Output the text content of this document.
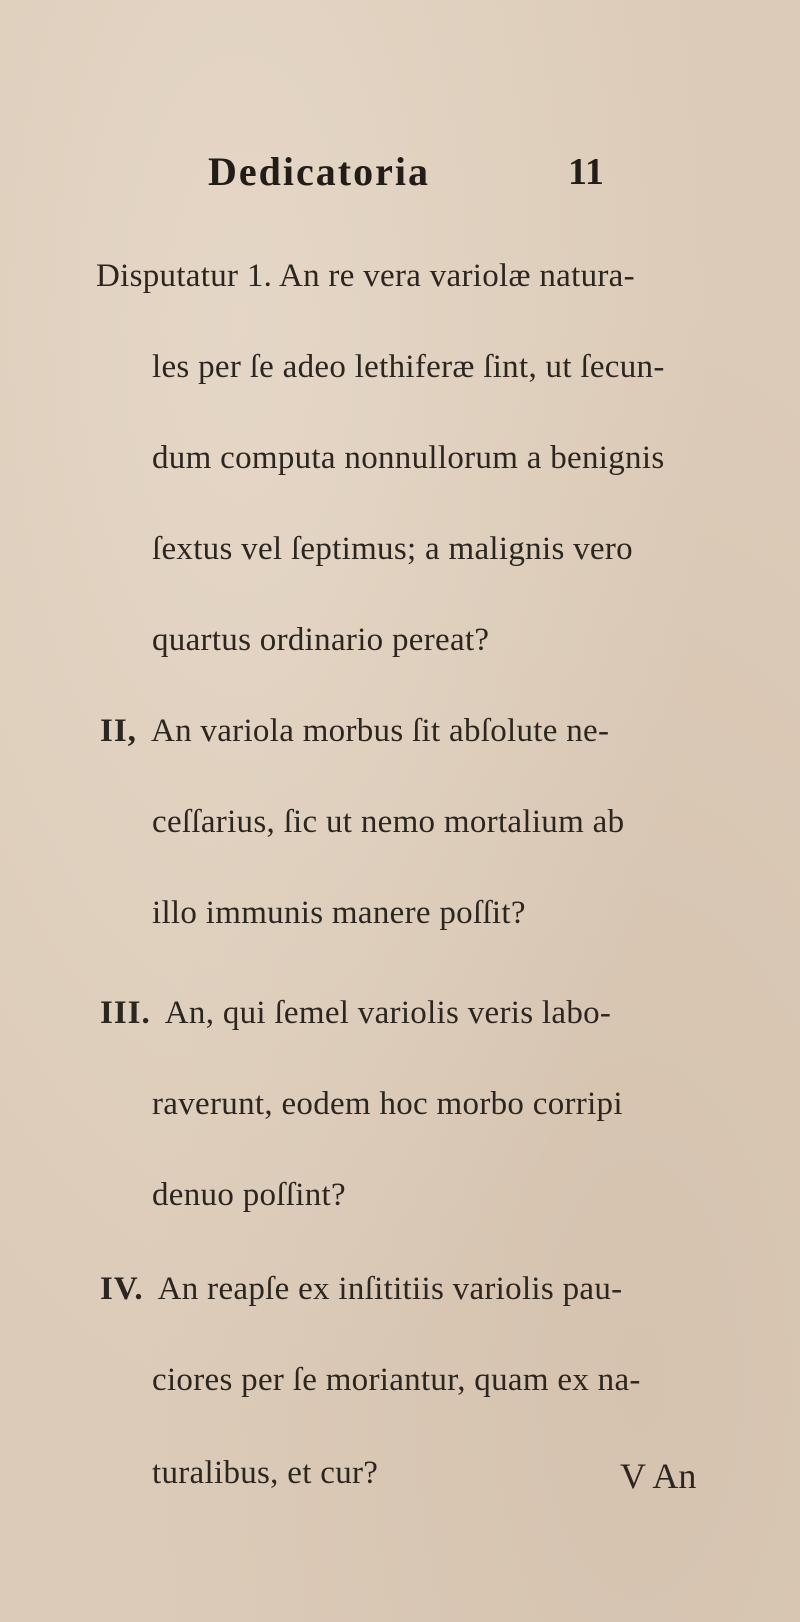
Dedicatoria	11
Disputatur 1. An re vera variolæ natura-
les per ſe adeo lethiferæ ſint, ut ſecun-
dum computa nonnullorum a benignis
ſextus vel ſeptimus; a malignis vero
quartus ordinario pereat?
II, An variola morbus ſit abſolute ne-
ceſſarius, ſic ut nemo mortalium ab
illo immunis manere poſſit?
III. An, qui ſemel variolis veris labo-
raverunt, eodem hoc morbo corripi
denuo poſſint?
IV. An reapſe ex inſititiis variolis pau-
ciores per ſe moriantur, quam ex na-
turalibus, et cur?	V An
